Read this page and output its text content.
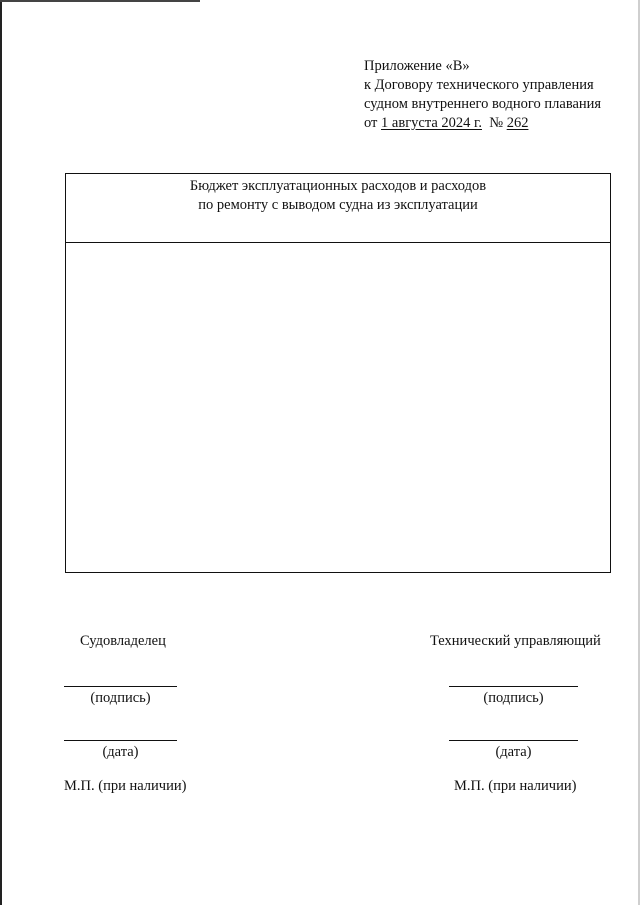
Приложение «В»
к Договору технического управления
судном внутреннего водного плавания
от 1 августа 2024 г. № 262
Бюджет эксплуатационных расходов и расходов
по ремонту с выводом судна из эксплуатации
Судовладелец
(подпись)
(дата)
М.П. (при наличии)
Технический управляющий
(подпись)
(дата)
М.П. (при наличии)
